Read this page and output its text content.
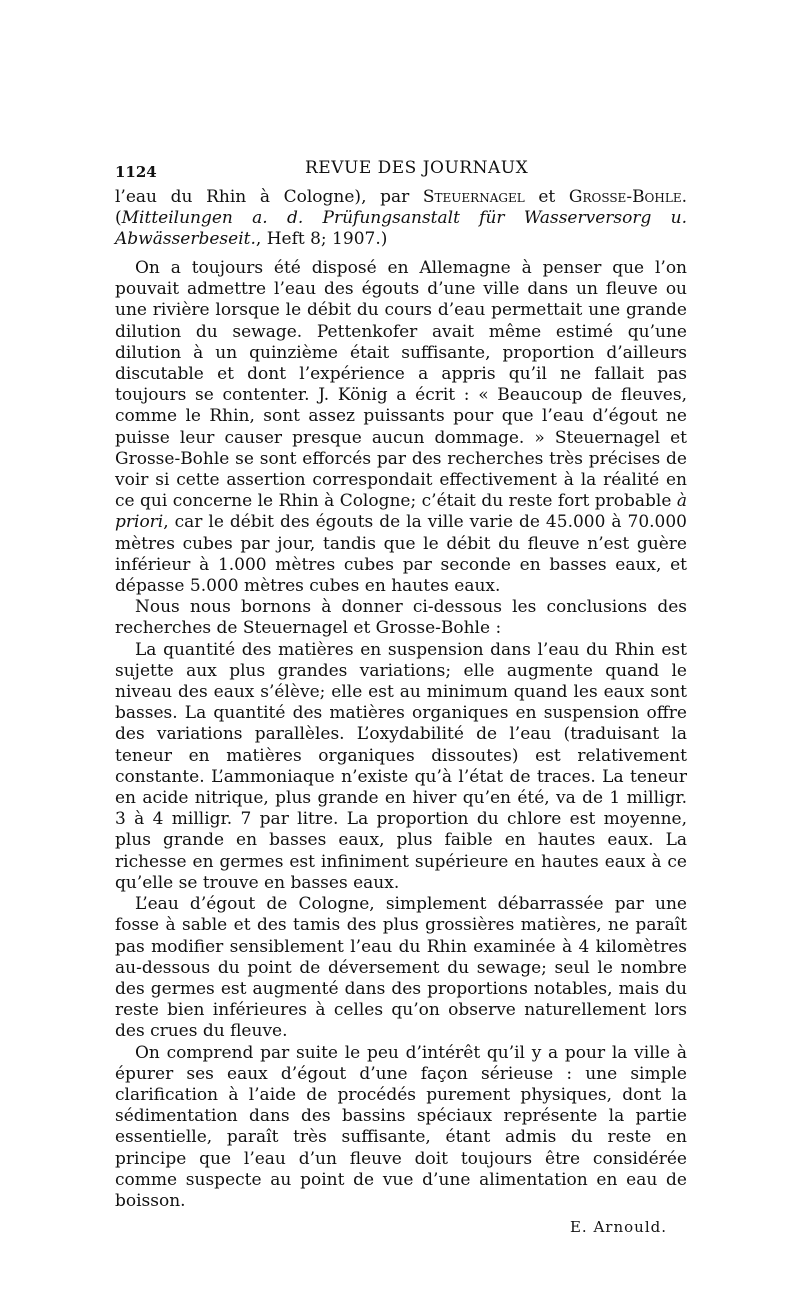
1124	REVUE DES JOURNAUX

l’eau du Rhin à Cologne), par Steuernagel et Grosse-Bohle. (Mitteilungen a. d. Prüfungsanstalt für Wasserversorg u. Abwässerbeseit., Heft 8; 1907.)

On a toujours été disposé en Allemagne à penser que l’on pouvait admettre l’eau des égouts d’une ville dans un fleuve ou une rivière lorsque le débit du cours d’eau permettait une grande dilution du sewage. Pettenkofer avait même estimé qu’une dilution à un quinzième était suffisante, proportion d’ailleurs discutable et dont l’expérience a appris qu’il ne fallait pas toujours se contenter. J. König a écrit : « Beaucoup de fleuves, comme le Rhin, sont assez puissants pour que l’eau d’égout ne puisse leur causer presque aucun dommage. » Steuernagel et Grosse-Bohle se sont efforcés par des recherches très précises de voir si cette assertion correspondait effectivement à la réalité en ce qui concerne le Rhin à Cologne; c’était du reste fort probable à priori, car le débit des égouts de la ville varie de 45.000 à 70.000 mètres cubes par jour, tandis que le débit du fleuve n’est guère inférieur à 1.000 mètres cubes par seconde en basses eaux, et dépasse 5.000 mètres cubes en hautes eaux.

Nous nous bornons à donner ci-dessous les conclusions des recherches de Steuernagel et Grosse-Bohle :

La quantité des matières en suspension dans l’eau du Rhin est sujette aux plus grandes variations; elle augmente quand le niveau des eaux s’élève; elle est au minimum quand les eaux sont basses. La quantité des matières organiques en suspension offre des variations parallèles. L’oxydabilité de l’eau (traduisant la teneur en matières organiques dissoutes) est relativement constante. L’ammoniaque n’existe qu’à l’état de traces. La teneur en acide nitrique, plus grande en hiver qu’en été, va de 1 milligr. 3 à 4 milligr. 7 par litre. La proportion du chlore est moyenne, plus grande en basses eaux, plus faible en hautes eaux. La richesse en germes est infiniment supérieure en hautes eaux à ce qu’elle se trouve en basses eaux.

L’eau d’égout de Cologne, simplement débarrassée par une fosse à sable et des tamis des plus grossières matières, ne paraît pas modifier sensiblement l’eau du Rhin examinée à 4 kilomètres au-dessous du point de déversement du sewage; seul le nombre des germes est augmenté dans des proportions notables, mais du reste bien inférieures à celles qu’on observe naturellement lors des crues du fleuve.

On comprend par suite le peu d’intérêt qu’il y a pour la ville à épurer ses eaux d’égout d’une façon sérieuse : une simple clarification à l’aide de procédés purement physiques, dont la sédimentation dans des bassins spéciaux représente la partie essentielle, paraît très suffisante, étant admis du reste en principe que l’eau d’un fleuve doit toujours être considérée comme suspecte au point de vue d’une alimentation en eau de boisson.

E. Arnould.
